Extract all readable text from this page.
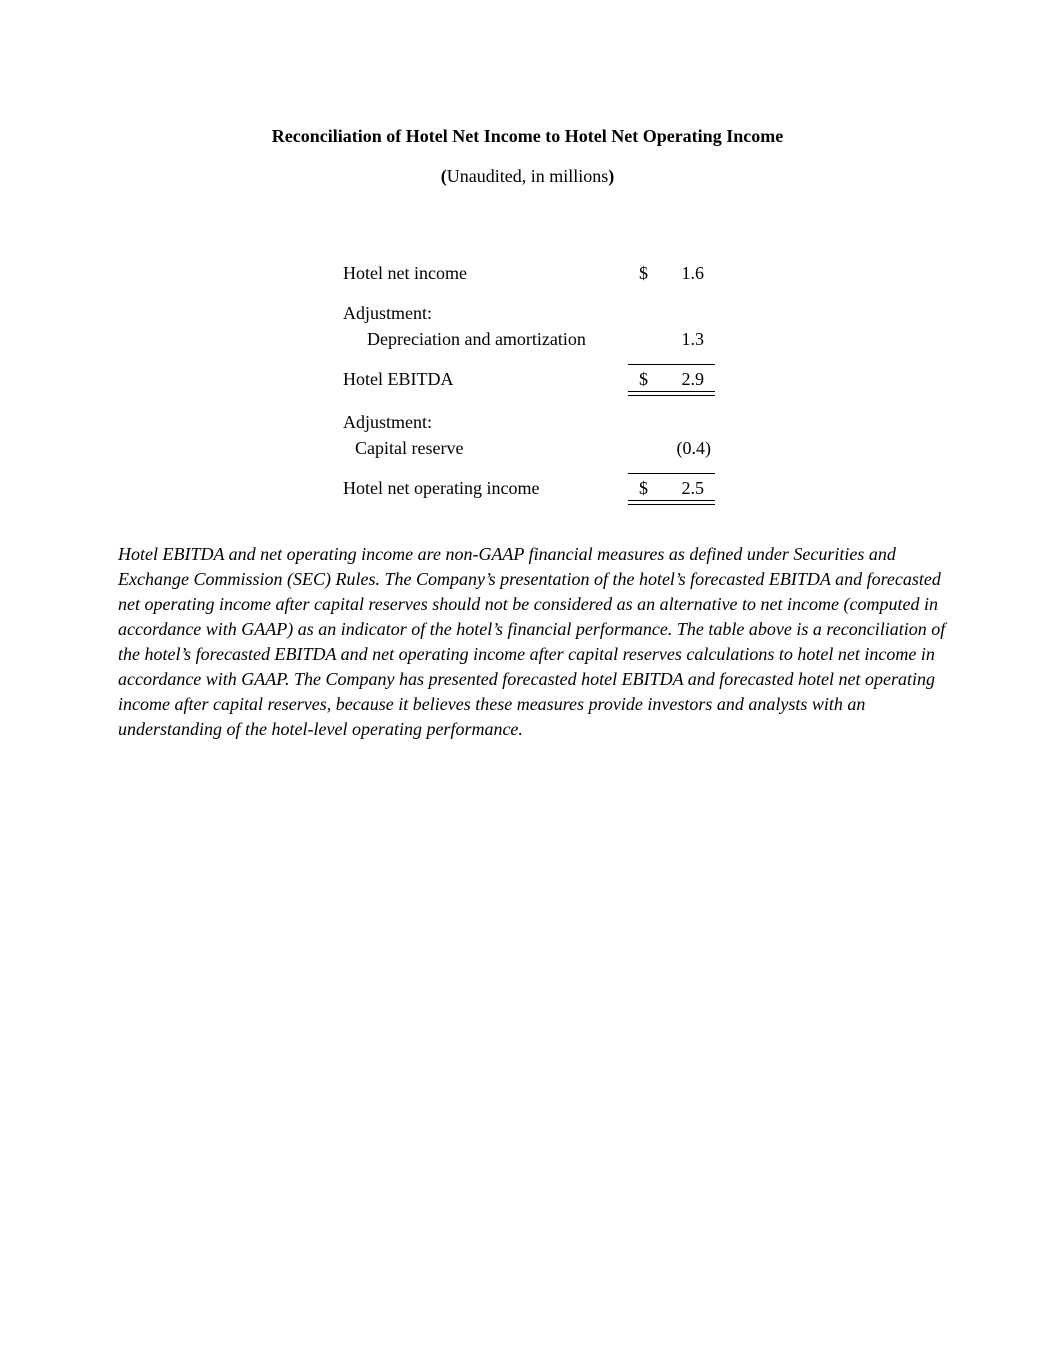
Reconciliation of Hotel Net Income to Hotel Net Operating Income
(Unaudited, in millions)
Hotel net income	$ 1.6
Adjustment:
Depreciation and amortization	1.3
Hotel EBITDA	$ 2.9
Adjustment:
Capital reserve	(0.4)
Hotel net operating income	$ 2.5

Hotel EBITDA and net operating income are non-GAAP financial measures as defined under Securities and Exchange Commission (SEC) Rules. The Company’s presentation of the hotel’s forecasted EBITDA and forecasted net operating income after capital reserves should not be considered as an alternative to net income (computed in accordance with GAAP) as an indicator of the hotel’s financial performance. The table above is a reconciliation of the hotel’s forecasted EBITDA and net operating income after capital reserves calculations to hotel net income in accordance with GAAP. The Company has presented forecasted hotel EBITDA and forecasted hotel net operating income after capital reserves, because it believes these measures provide investors and analysts with an understanding of the hotel-level operating performance.
